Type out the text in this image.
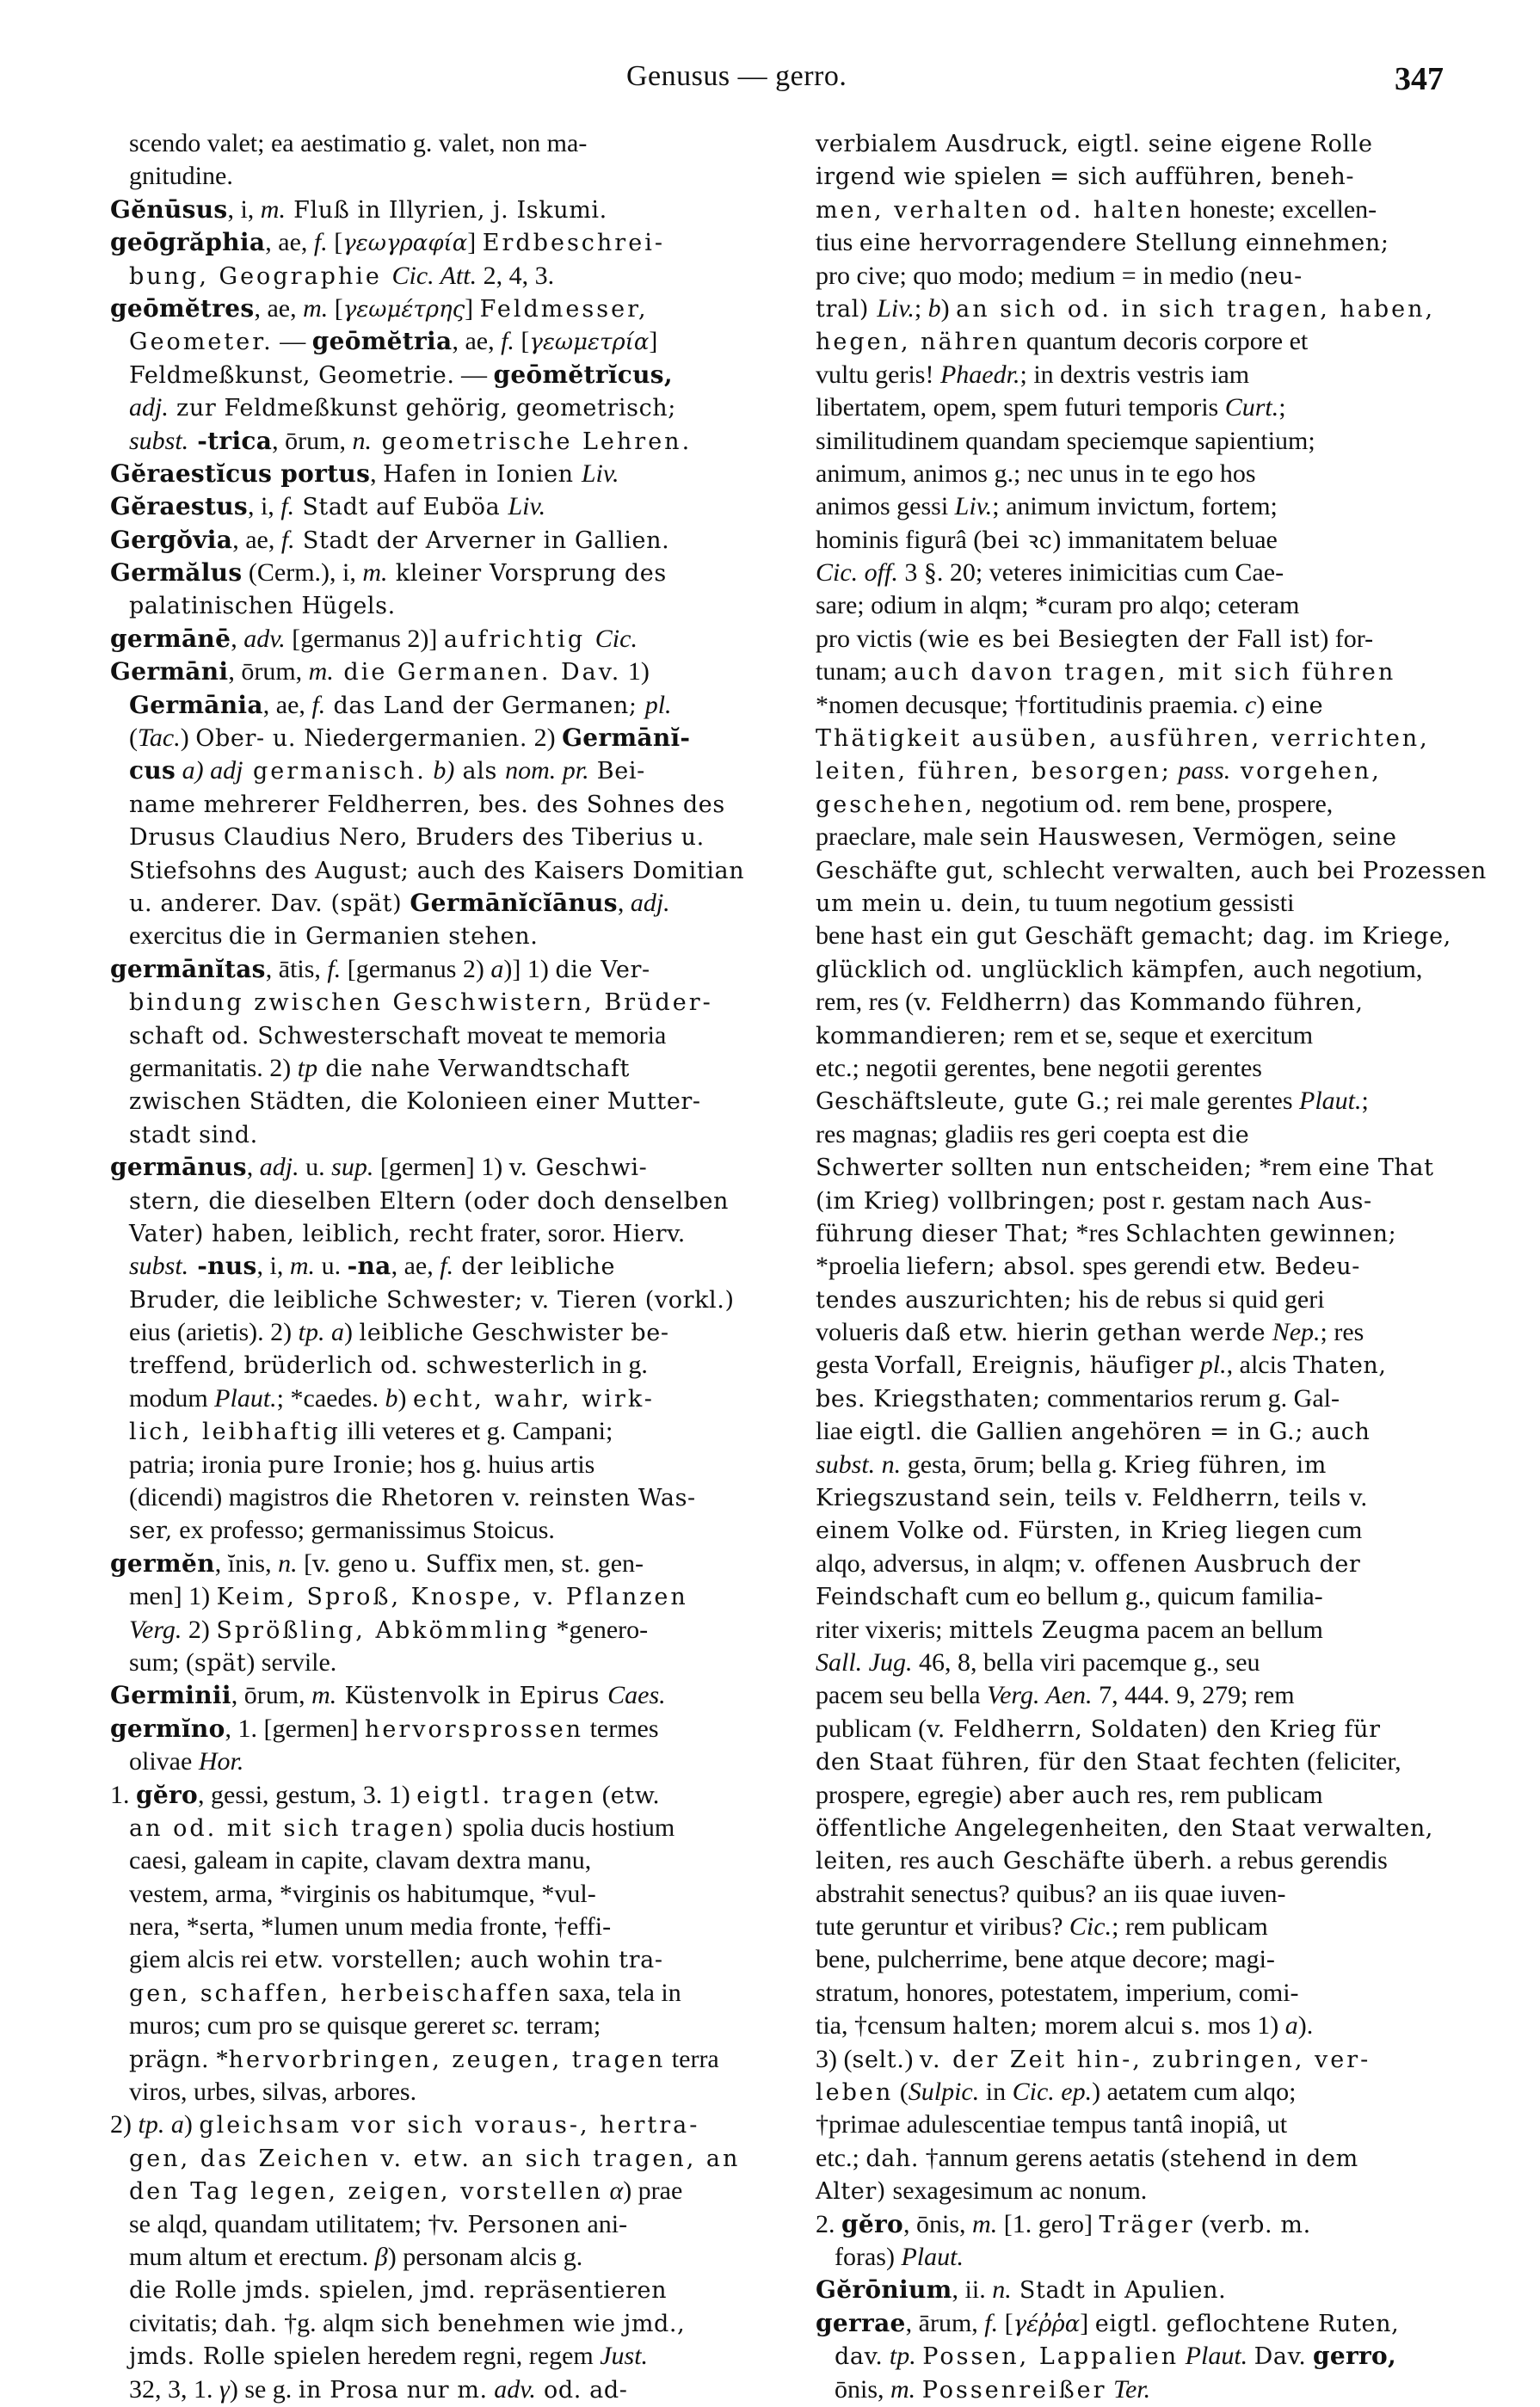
Genusus — gerro.	347
scendo valet; ea aestimatio g. valet, non ma-
gnitudine.
Gĕnūsus, i, m. Fluß in Illyrien, j. Iskumi.
geōgrăphia, ae, f. [γεωγραφία] Erdbeschrei-
bung, Geographie Cic. Att. 2, 4, 3.
geōmĕtres, ae, m. [γεωμέτρης] Feldmesser,
Geometer. — geōmĕtria, ae, f. [γεωμετρία]
Feldmeßkunst, Geometrie. — geōmĕtrĭcus,
adj. zur Feldmeßkunst gehörig, geometrisch;
subst. -trica, ōrum, n. geometrische Lehren.
Gĕraestĭcus portus, Hafen in Ionien Liv.
Gĕraestus, i, f. Stadt auf Euböa Liv.
Gergŏvia, ae, f. Stadt der Arverner in Gallien.
Germălus (Cerm.), i, m. kleiner Vorsprung des
palatinischen Hügels.
germānē, adv. [germanus 2)] aufrichtig Cic.
Germāni, ōrum, m. die Germanen. Dav. 1)
Germānia, ae, f. das Land der Germanen; pl.
(Tac.) Ober- u. Niedergermanien. 2) Germānĭ-
cus a) adj germanisch. b) als nom. pr. Bei-
name mehrerer Feldherren, bes. des Sohnes des
Drusus Claudius Nero, Bruders des Tiberius u.
Stiefsohns des August; auch des Kaisers Domitian
u. anderer. Dav. (spät) Germānĭcĭānus, adj.
exercitus die in Germanien stehen.
germānĭtas, ātis, f. [germanus 2) a)] 1) die Ver-
bindung zwischen Geschwistern, Brüder-
schaft od. Schwesterschaft moveat te memoria
germanitatis. 2) tp die nahe Verwandtschaft
zwischen Städten, die Kolonieen einer Mutter-
stadt sind.
germānus, adj. u. sup. [germen] 1) v. Geschwi-
stern, die dieselben Eltern (oder doch denselben
Vater) haben, leiblich, recht frater, soror. Hierv.
subst. -nus, i, m. u. -na, ae, f. der leibliche
Bruder, die leibliche Schwester; v. Tieren (vorkl.)
eius (arietis). 2) tp. a) leibliche Geschwister be-
treffend, brüderlich od. schwesterlich in g.
modum Plaut.; *caedes. b) echt, wahr, wirk-
lich, leibhaftig illi veteres et g. Campani;
patria; ironia pure Ironie; hos g. huius artis
(dicendi) magistros die Rhetoren v. reinsten Was-
ser, ex professo; germanissimus Stoicus.
germĕn, ĭnis, n. [v. geno u. Suffix men, st. gen-
men] 1) Keim, Sproß, Knospe, v. Pflanzen
Verg. 2) Sprößling, Abkömmling *genero-
sum; (spät) servile.
Germinii, ōrum, m. Küstenvolk in Epirus Caes.
germĭno, 1. [germen] hervorsprossen termes
olivae Hor.
1. gĕro, gessi, gestum, 3. 1) eigtl. tragen (etw.
an od. mit sich tragen) spolia ducis hostium
caesi, galeam in capite, clavam dextra manu,
vestem, arma, *virginis os habitumque, *vul-
nera, *serta, *lumen unum media fronte, †effi-
giem alcis rei etw. vorstellen; auch wohin tra-
gen, schaffen, herbeischaffen saxa, tela in
muros; cum pro se quisque gereret sc. terram;
prägn. *hervorbringen, zeugen, tragen terra
viros, urbes, silvas, arbores.
2) tp. a) gleichsam vor sich voraus-, hertra-
gen, das Zeichen v. etw. an sich tragen, an
den Tag legen, zeigen, vorstellen α) prae
se alqd, quandam utilitatem; †v. Personen ani-
mum altum et erectum. β) personam alcis g.
die Rolle jmds. spielen, jmd. repräsentieren
civitatis; dah. †g. alqm sich benehmen wie jmd.,
jmds. Rolle spielen heredem regni, regem Just.
32, 3, 1. γ) se g. in Prosa nur m. adv. od. ad-
verbialem Ausdruck, eigtl. seine eigene Rolle
irgend wie spielen = sich aufführen, beneh-
men, verhalten od. halten honeste; excellen-
tius eine hervorragendere Stellung einnehmen;
pro cive; quo modo; medium = in medio (neu-
tral) Liv.; b) an sich od. in sich tragen, haben,
hegen, nähren quantum decoris corpore et
vultu geris! Phaedr.; in dextris vestris iam
libertatem, opem, spem futuri temporis Curt.;
similitudinem quandam speciemque sapientium;
animum, animos g.; nec unus in te ego hos
animos gessi Liv.; animum invictum, fortem;
hominis figurâ (bei ꝛc) immanitatem beluae
Cic. off. 3 §. 20; veteres inimicitias cum Cae-
sare; odium in alqm; *curam pro alqo; ceteram
pro victis (wie es bei Besiegten der Fall ist) for-
tunam; auch davon tragen, mit sich führen
*nomen decusque; †fortitudinis praemia. c) eine
Thätigkeit ausüben, ausführen, verrichten,
leiten, führen, besorgen; pass. vorgehen,
geschehen, negotium od. rem bene, prospere,
praeclare, male sein Hauswesen, Vermögen, seine
Geschäfte gut, schlecht verwalten, auch bei Prozessen
um mein u. dein, tu tuum negotium gessisti
bene hast ein gut Geschäft gemacht; dag. im Kriege,
glücklich od. unglücklich kämpfen, auch negotium,
rem, res (v. Feldherrn) das Kommando führen,
kommandieren; rem et se, seque et exercitum
etc.; negotii gerentes, bene negotii gerentes
Geschäftsleute, gute G.; rei male gerentes Plaut.;
res magnas; gladiis res geri coepta est die
Schwerter sollten nun entscheiden; *rem eine That
(im Krieg) vollbringen; post r. gestam nach Aus-
führung dieser That; *res Schlachten gewinnen;
*proelia liefern; absol. spes gerendi etw. Bedeu-
tendes auszurichten; his de rebus si quid geri
volueris daß etw. hierin gethan werde Nep.; res
gesta Vorfall, Ereignis, häufiger pl., alcis Thaten,
bes. Kriegsthaten; commentarios rerum g. Gal-
liae eigtl. die Gallien angehören = in G.; auch
subst. n. gesta, ōrum; bella g. Krieg führen, im
Kriegszustand sein, teils v. Feldherrn, teils v.
einem Volke od. Fürsten, in Krieg liegen cum
alqo, adversus, in alqm; v. offenen Ausbruch der
Feindschaft cum eo bellum g., quicum familia-
riter vixeris; mittels Zeugma pacem an bellum
Sall. Jug. 46, 8, bella viri pacemque g., seu
pacem seu bella Verg. Aen. 7, 444. 9, 279; rem
publicam (v. Feldherrn, Soldaten) den Krieg für
den Staat führen, für den Staat fechten (feliciter,
prospere, egregie) aber auch res, rem publicam
öffentliche Angelegenheiten, den Staat verwalten,
leiten, res auch Geschäfte überh. a rebus gerendis
abstrahit senectus? quibus? an iis quae iuven-
tute geruntur et viribus? Cic.; rem publicam
bene, pulcherrime, bene atque decore; magi-
stratum, honores, potestatem, imperium, comi-
tia, †censum halten; morem alcui s. mos 1) a).
3) (selt.) v. der Zeit hin-, zubringen, ver-
leben (Sulpic. in Cic. ep.) aetatem cum alqo;
†primae adulescentiae tempus tantâ inopiâ, ut
etc.; dah. †annum gerens aetatis (stehend in dem
Alter) sexagesimum ac nonum.
2. gĕro, ōnis, m. [1. gero] Träger (verb. m.
foras) Plaut.
Gĕrōnium, ii. n. Stadt in Apulien.
gerrae, ārum, f. [γέῤῥα] eigtl. geflochtene Ruten,
dav. tp. Possen, Lappalien Plaut. Dav. gerro,
ōnis, m. Possenreißer Ter.
